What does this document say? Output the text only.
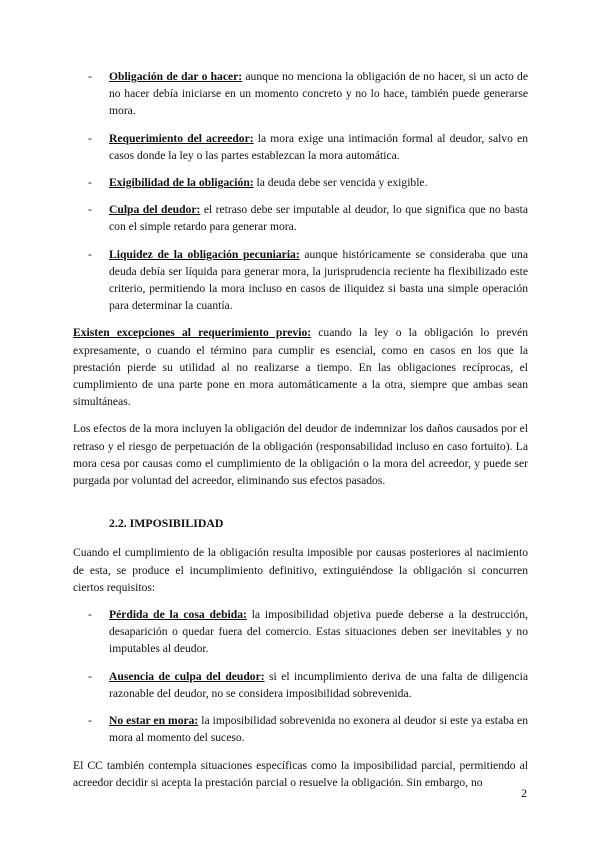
- Obligación de dar o hacer: aunque no menciona la obligación de no hacer, si un acto de no hacer debía iniciarse en un momento concreto y no lo hace, también puede generarse mora.
- Requerimiento del acreedor: la mora exige una intimación formal al deudor, salvo en casos donde la ley o las partes establezcan la mora automática.
- Exigibilidad de la obligación: la deuda debe ser vencida y exigible.
- Culpa del deudor: el retraso debe ser imputable al deudor, lo que significa que no basta con el simple retardo para generar mora.
- Liquidez de la obligación pecuniaria: aunque históricamente se consideraba que una deuda debía ser líquida para generar mora, la jurisprudencia reciente ha flexibilizado este criterio, permitiendo la mora incluso en casos de iliquidez si basta una simple operación para determinar la cuantía.

Existen excepciones al requerimiento previo: cuando la ley o la obligación lo prevén expresamente, o cuando el término para cumplir es esencial, como en casos en los que la prestación pierde su utilidad al no realizarse a tiempo. En las obligaciones recíprocas, el cumplimiento de una parte pone en mora automáticamente a la otra, siempre que ambas sean simultáneas.

Los efectos de la mora incluyen la obligación del deudor de indemnizar los daños causados por el retraso y el riesgo de perpetuación de la obligación (responsabilidad incluso en caso fortuito). La mora cesa por causas como el cumplimiento de la obligación o la mora del acreedor, y puede ser purgada por voluntad del acreedor, eliminando sus efectos pasados.

2.2. IMPOSIBILIDAD

Cuando el cumplimiento de la obligación resulta imposible por causas posteriores al nacimiento de esta, se produce el incumplimiento definitivo, extinguiéndose la obligación si concurren ciertos requisitos:

- Pérdida de la cosa debida: la imposibilidad objetiva puede deberse a la destrucción, desaparición o quedar fuera del comercio. Estas situaciones deben ser inevitables y no imputables al deudor.
- Ausencia de culpa del deudor: si el incumplimiento deriva de una falta de diligencia razonable del deudor, no se considera imposibilidad sobrevenida.
- No estar en mora: la imposibilidad sobrevenida no exonera al deudor si este ya estaba en mora al momento del suceso.

El CC también contempla situaciones específicas como la imposibilidad parcial, permitiendo al acreedor decidir si acepta la prestación parcial o resuelve la obligación. Sin embargo, no

2
